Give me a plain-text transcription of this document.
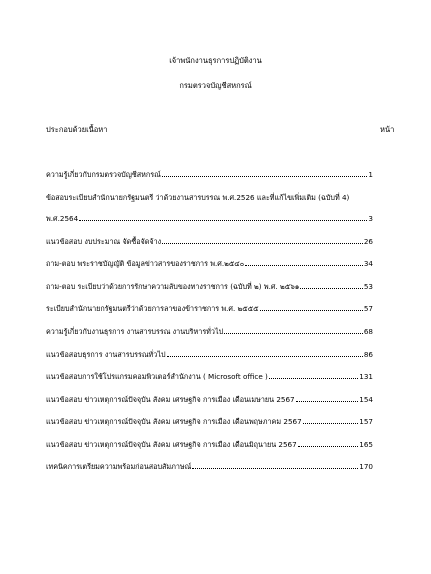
เจ้าพนักงานธุรการปฏิบัติงาน
กรมตรวจบัญชีสหกรณ์
ประกอบด้วยเนื้อหา	หน้า
ความรู้เกี่ยวกับกรมตรวจบัญชีสหกรณ์	1
ข้อสอบระเบียบสำนักนายกรัฐมนตรี ว่าด้วยงานสารบรรณ พ.ศ.2526 และที่แก้ไขเพิ่มเติม (ฉบับที่ 4)
พ.ศ.2564	3
แนวข้อสอบ งบประมาณ จัดซื้อจัดจ้าง	26
ถาม-ตอบ พระราชบัญญัติ ข้อมูลข่าวสารของราชการ พ.ศ.๒๕๔๐	34
ถาม-ตอบ ระเบียบว่าด้วยการรักษาความลับของทางราชการ (ฉบับที่ ๒) พ.ศ. ๒๕๖๑	53
ระเบียบสำนักนายกรัฐมนตรีว่าด้วยการลาของข้าราชการ พ.ศ. ๒๕๕๕	57
ความรู้เกี่ยวกับงานธุรการ งานสารบรรณ งานบริหารทั่วไป	68
แนวข้อสอบธุรการ งานสารบรรณทั่วไป	86
แนวข้อสอบการใช้โปรแกรมคอมพิวเตอร์สำนักงาน ( Microsoft office )	131
แนวข้อสอบ ข่าวเหตุการณ์ปัจจุบัน สังคม เศรษฐกิจ การเมือง เดือนเมษายน 2567	154
แนวข้อสอบ ข่าวเหตุการณ์ปัจจุบัน สังคม เศรษฐกิจ การเมือง เดือนพฤษภาคม 2567	157
แนวข้อสอบ ข่าวเหตุการณ์ปัจจุบัน สังคม เศรษฐกิจ การเมือง เดือนมิถุนายน 2567	165
เทคนิคการเตรียมความพร้อมก่อนสอบสัมภาษณ์	170
